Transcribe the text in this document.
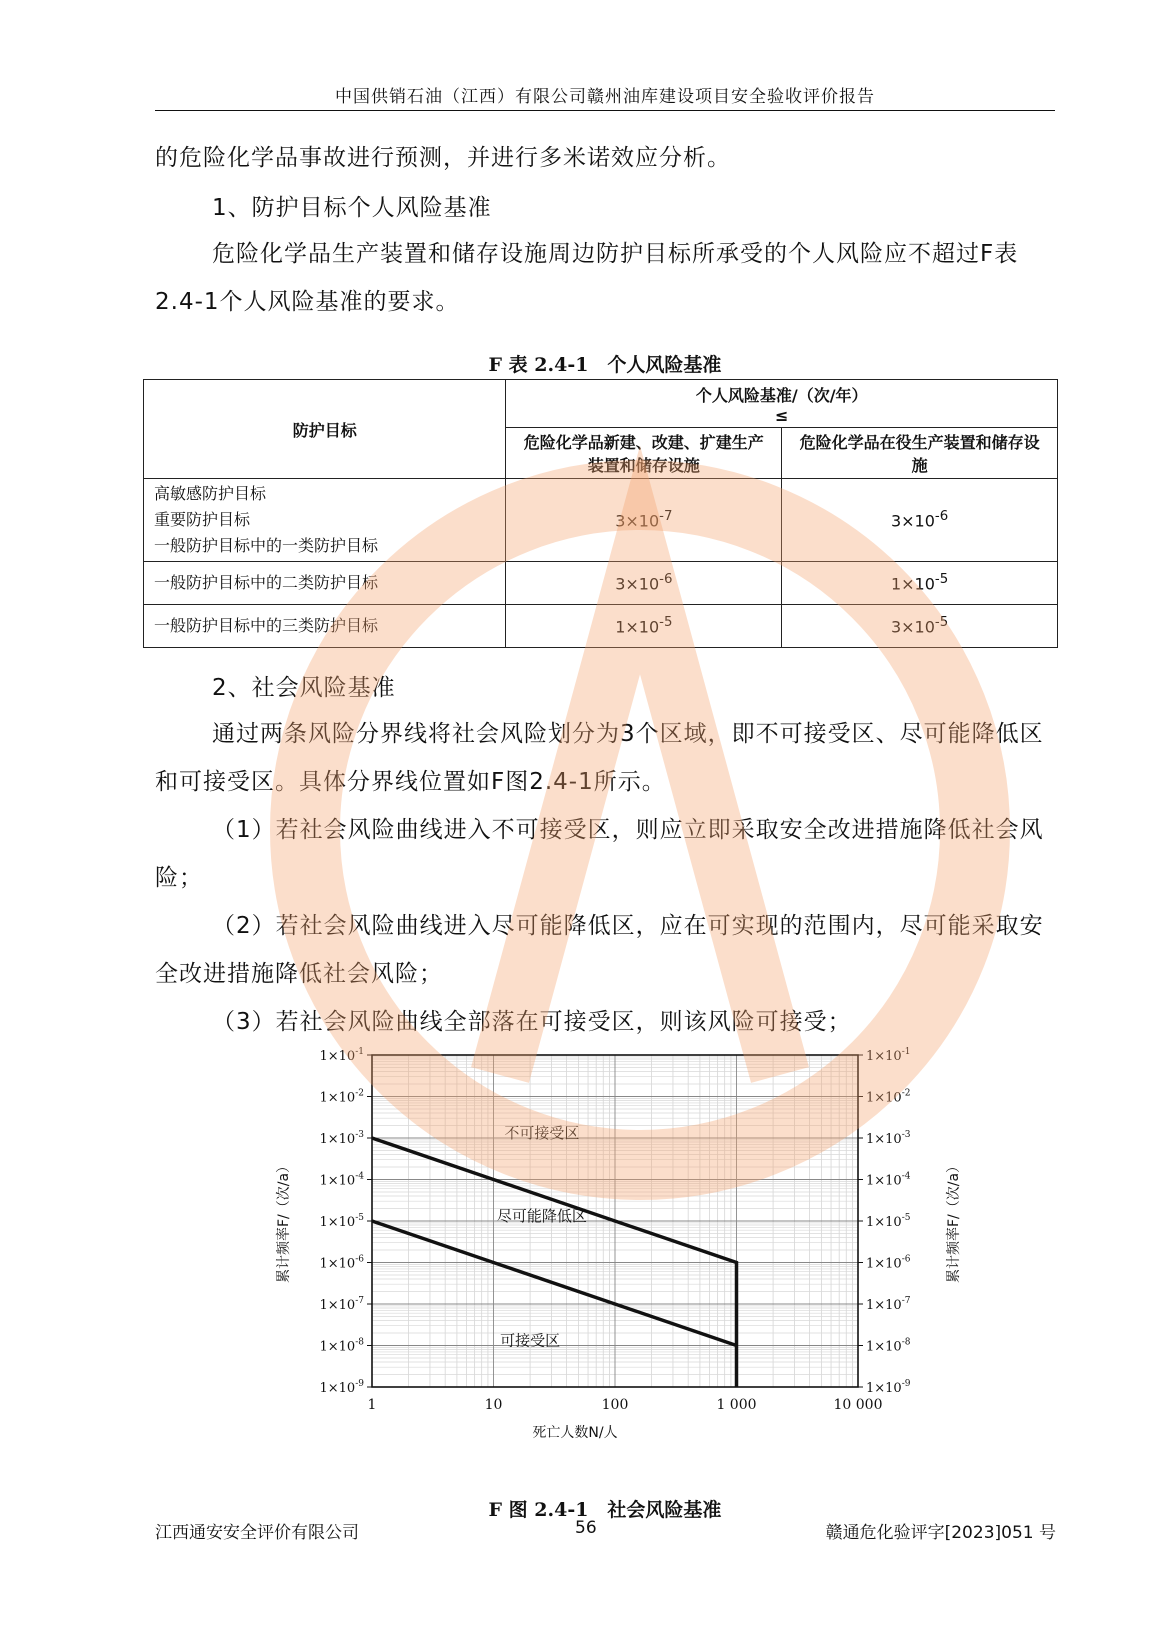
中国供销石油（江西）有限公司赣州油库建设项目安全验收评价报告

的危险化学品事故进行预测，并进行多米诺效应分析。

1、防护目标个人风险基准

危险化学品生产装置和储存设施周边防护目标所承受的个人风险应不超过F表2.4-1个人风险基准的要求。

F 表 2.4-1　个人风险基准
防护目标	个人风险基准/（次/年）
≤	

	危险化学品新建、改建、扩建生产装置和储存设施	危险化学品在役生产装置和储存设施

高敏感防护目标
重要防护目标
一般防护目标中的一类防护目标	$3\times 10^{-7}$	$3\times 10^{-6}$
一般防护目标中的二类防护目标	$3\times 10^{-6}$	$1\times 10^{-5}$
一般防护目标中的三类防护目标	$1\times 10^{-5}$	$3\times 10^{-5}$

2、社会风险基准

通过两条风险分界线将社会风险划分为3个区域，即不可接受区、尽可能降低区和可接受区。具体分界线位置如F图2.4-1所示。

（1）若社会风险曲线进入不可接受区，则应立即采取安全改进措施降低社会风险；

（2）若社会风险曲线进入尽可能降低区，应在可实现的范围内，尽可能采取安全改进措施降低社会风险；

（3）若社会风险曲线全部落在可接受区，则该风险可接受；

$1\times 10^{-1}$	$1\times 10^{-1}$
$1\times 10^{-2}$	$1\times 10^{-2}$
$1\times 10^{-3}$	$1\times 10^{-3}$
$1\times 10^{-4}$	$1\times 10^{-4}$
$1\times 10^{-5}$	$1\times 10^{-5}$
$1\times 10^{-6}$	$1\times 10^{-6}$
$1\times 10^{-7}$	$1\times 10^{-7}$
$1\times 10^{-8}$	$1\times 10^{-8}$
$1\times 10^{-9}$	$1\times 10^{-9}$
1	10	100	1 000	10 000
死亡人数N/人
累计频率F/（次/a）	累计频率F/（次/a）
不可接受区
尽可能降低区
可接受区
F 图 2.4-1　社会风险基准
江西通安安全评价有限公司	56	赣通危化验评字[2023]051 号
